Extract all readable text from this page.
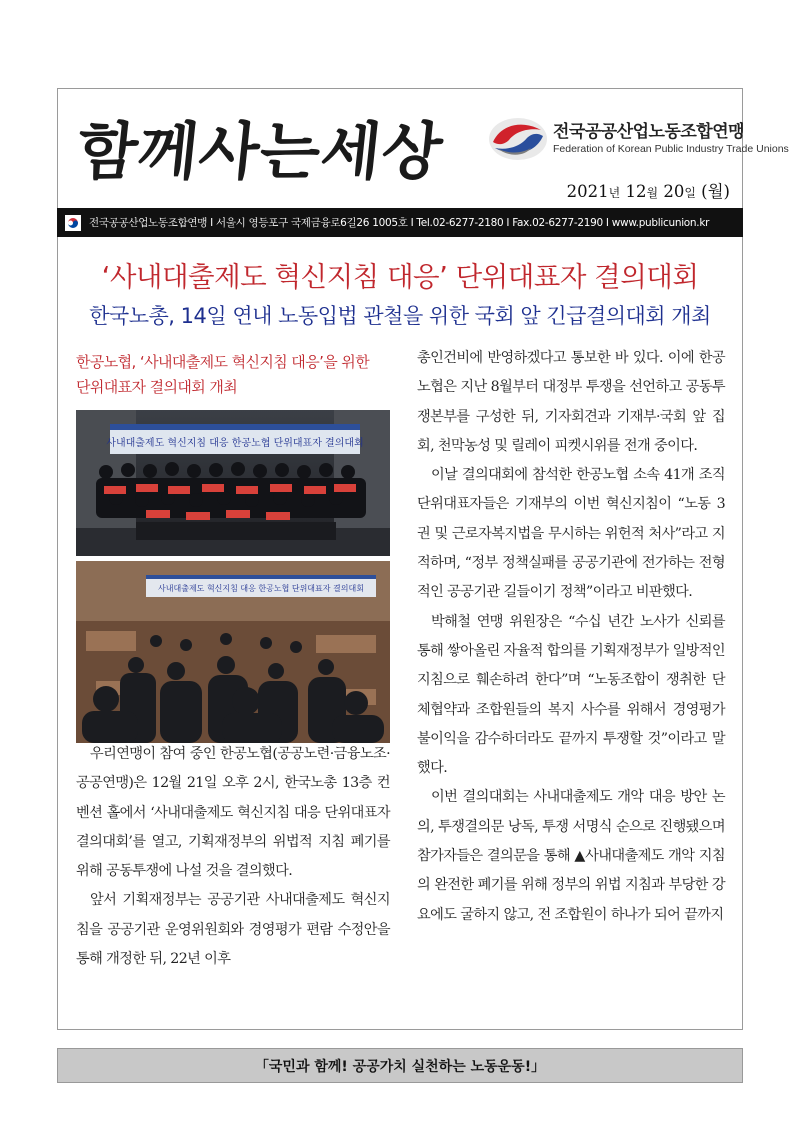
함께사는세상	전국공공산업노동조합연맹
Federation of Korean Public Industry Trade Unions
2021년 12월 20일 (월)
전국공공산업노동조합연맹 I 서울시 영등포구 국제금융로6길26 1005호 I Tel.02-6277-2180 I Fax.02-6277-2190 I www.publicunion.kr
‘사내대출제도 혁신지침 대응’ 단위대표자 결의대회
한국노총, 14일 연내 노동입법 관철을 위한 국회 앞 긴급결의대회 개최
한공노협, ‘사내대출제도 혁신지침 대응’을 위한
단위대표자 결의대회 개최
사내대출제도 혁신지침 대응 한공노협 단위대표자 결의대회
사내대출제도 혁신지침 대응 한공노협 단위대표자 결의대회

우리연맹이 참여 중인 한공노협(공공노련·금융노조·공공연맹)은 12월 21일 오후 2시, 한국노총 13층 컨벤션 홀에서 ‘사내대출제도 혁신지침 대응 단위대표자 결의대회’를 열고, 기획재정부의 위법적 지침 폐기를 위해 공동투쟁에 나설 것을 결의했다.

앞서 기획재정부는 공공기관 사내대출제도 혁신지침을 공공기관 운영위원회와 경영평가 편람 수정안을 통해 개정한 뒤, 22년 이후

총인건비에 반영하겠다고 통보한 바 있다. 이에 한공노협은 지난 8월부터 대정부 투쟁을 선언하고 공동투쟁본부를 구성한 뒤, 기자회견과 기재부·국회 앞 집회, 천막농성 및 릴레이 피켓시위를 전개 중이다.

이날 결의대회에 참석한 한공노협 소속 41개 조직 단위대표자들은 기재부의 이번 혁신지침이 “노동 3권 및 근로자복지법을 무시하는 위헌적 처사”라고 지적하며, “정부 정책실패를 공공기관에 전가하는 전형적인 공공기관 길들이기 정책”이라고 비판했다.

박해철 연맹 위원장은 “수십 년간 노사가 신뢰를 통해 쌓아올린 자율적 합의를 기획재정부가 일방적인 지침으로 훼손하려 한다”며 “노동조합이 쟁취한 단체협약과 조합원들의 복지 사수를 위해서 경영평가 불이익을 감수하더라도 끝까지 투쟁할 것”이라고 말했다.

이번 결의대회는 사내대출제도 개악 대응 방안 논의, 투쟁결의문 낭독, 투쟁 서명식 순으로 진행됐으며 참가자들은 결의문을 통해 ▲사내대출제도 개악 지침의 완전한 폐기를 위해 정부의 위법 지침과 부당한 강요에도 굴하지 않고, 전 조합원이 하나가 되어 끝까지

「국민과 함께! 공공가치 실천하는 노동운동!」
